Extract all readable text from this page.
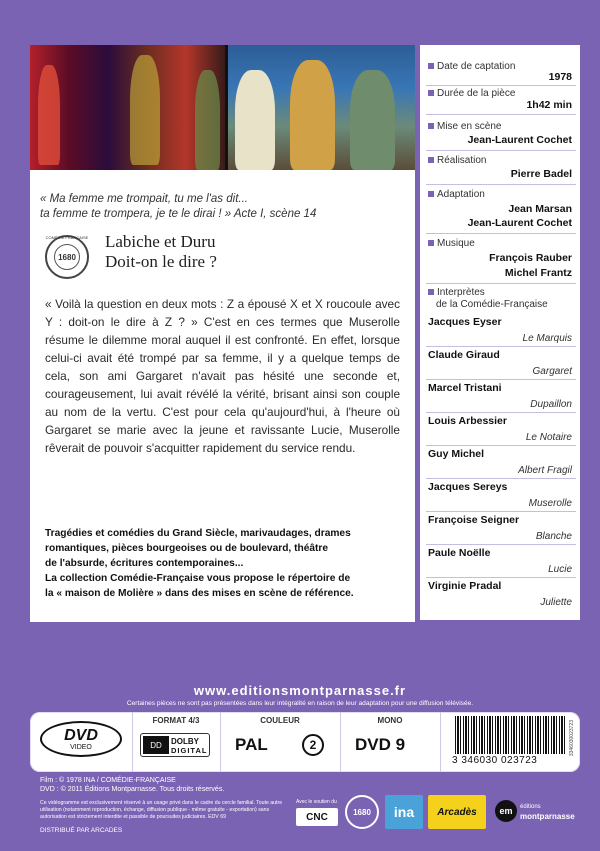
« Ma femme me trompait, tu me l'as dit...
ta femme te trompera, je te le dirai ! » Acte I, scène 14
1680
COMÉDIE FRANÇAISE Labiche et Duru
Doit-on le dire ?
« Voilà la question en deux mots : Z a épousé X et X roucoule avec Y : doit-on le dire à Z ? » C'est en ces termes que Muserolle résume le dilemme moral auquel il est confronté. En effet, lorsque celui-ci avait été trompé par sa femme, il y a quelque temps de cela, son ami Gargaret n'avait pas hésité une seconde et, courageusement, lui avait révélé la vérité, brisant ainsi son couple au nom de la vertu. C'est pour cela qu'aujourd'hui, à l'heure où Gargaret se marie avec la jeune et ravissante Lucie, Muserolle rêverait de pouvoir s'acquitter rapidement du service rendu.
Tragédies et comédies du Grand Siècle, marivaudages, drames
romantiques, pièces bourgeoises ou de boulevard, théâtre
de l'absurde, écritures contemporaines...
La collection Comédie-Française vous propose le répertoire de
la « maison de Molière » dans des mises en scène de référence.
Date de captation
1978
Durée de la pièce
1h42 min
Mise en scène
Jean-Laurent Cochet
Réalisation
Pierre Badel
Adaptation
Jean Marsan
Jean-Laurent Cochet
Musique
François Rauber
Michel Frantz
Interprètes
de la Comédie-Française
Jacques Eyser
Le Marquis
Claude Giraud
Gargaret
Marcel Tristani
Dupaillon
Louis Arbessier
Le Notaire
Guy Michel
Albert Fragil
Jacques Sereys
Muserolle
Françoise Seigner
Blanche
Paule Noëlle
Lucie
Virginie Pradal
Juliette
www.editionsmontparnasse.fr
Certaines pièces ne sont pas présentées dans leur intégralité en raison de leur adaptation pour une diffusion télévisée.
DVD
VIDEO
FORMAT 4/3
DD	DOLBY
DIGITAL
COULEUR
PAL	2
MONO
DVD 9
3 346030 023723
3346030023723
Film : © 1978 INA / COMÉDIE-FRANÇAISE
DVD : © 2011 Éditions Montparnasse. Tous droits réservés.
Ce vidéogramme est exclusivement réservé à un usage privé dans le cadre du cercle familial. Toute autre utilisation (notamment reproduction, échange, diffusion publique - même gratuite - exportation) sans autorisation est strictement interdite et passible de poursuites judiciaires. EDV 69
DISTRIBUÉ PAR ARCADES
Avec le soutien du
CNC	1680	ina	Arcadès	em	éditions
montparnasse
